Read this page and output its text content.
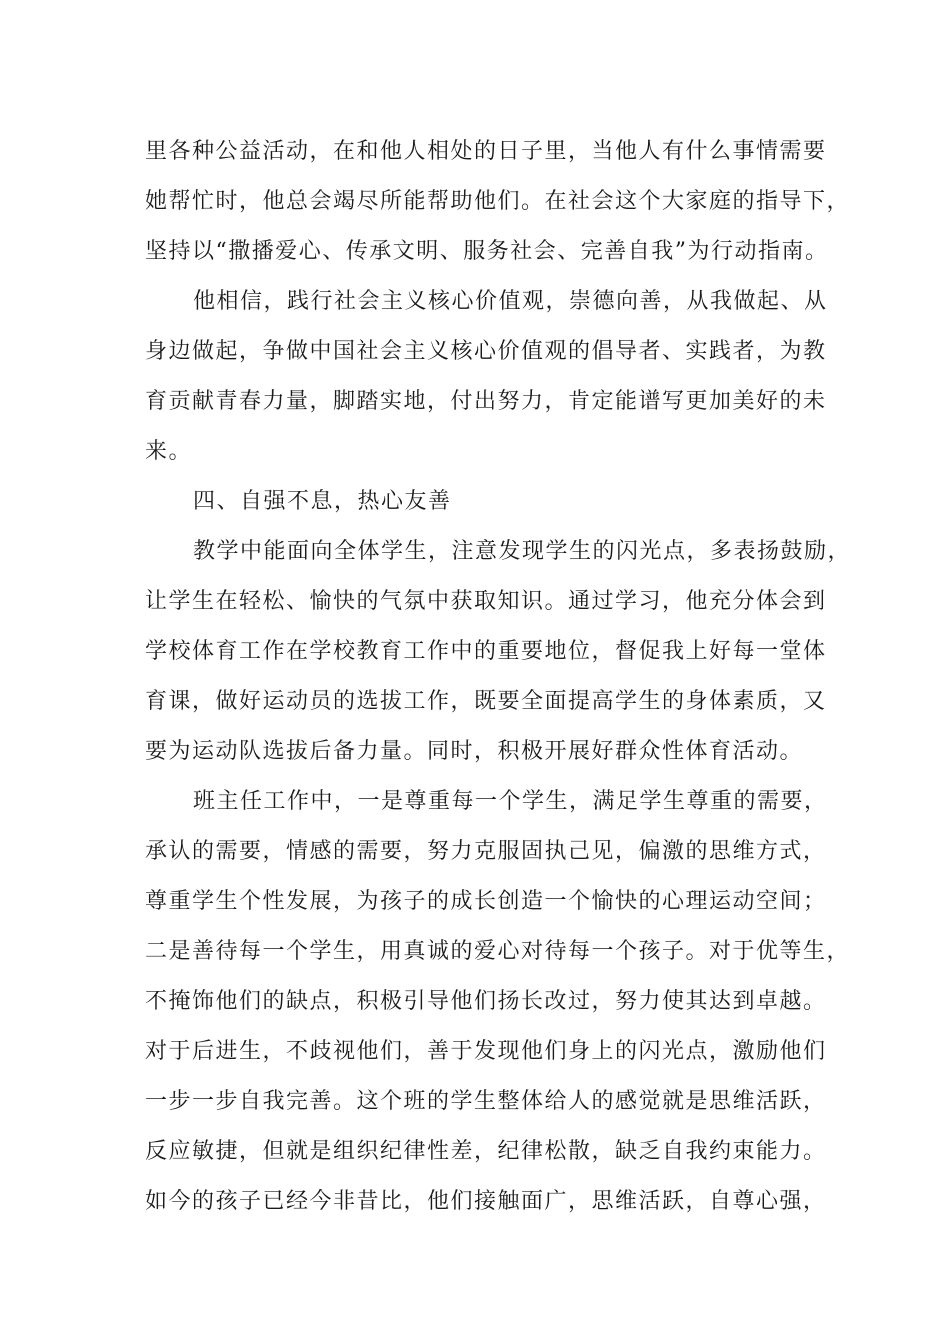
里各种公益活动，在和他人相处的日子里，当他人有什么事情需要
她帮忙时，他总会竭尽所能帮助他们。在社会这个大家庭的指导下，
坚持以“撒播爱心、传承文明、服务社会、完善自我”为行动指南。
他相信，践行社会主义核心价值观，崇德向善，从我做起、从
身边做起，争做中国社会主义核心价值观的倡导者、实践者，为教
育贡献青春力量，脚踏实地，付出努力，肯定能谱写更加美好的未
来。
四、自强不息，热心友善
教学中能面向全体学生，注意发现学生的闪光点，多表扬鼓励，
让学生在轻松、愉快的气氛中获取知识。通过学习，他充分体会到
学校体育工作在学校教育工作中的重要地位，督促我上好每一堂体
育课，做好运动员的选拔工作，既要全面提高学生的身体素质，又
要为运动队选拔后备力量。同时，积极开展好群众性体育活动。
班主任工作中，一是尊重每一个学生，满足学生尊重的需要，
承认的需要，情感的需要，努力克服固执己见，偏激的思维方式，
尊重学生个性发展，为孩子的成长创造一个愉快的心理运动空间；
二是善待每一个学生，用真诚的爱心对待每一个孩子。对于优等生，
不掩饰他们的缺点，积极引导他们扬长改过，努力使其达到卓越。
对于后进生，不歧视他们，善于发现他们身上的闪光点，激励他们
一步一步自我完善。这个班的学生整体给人的感觉就是思维活跃，
反应敏捷，但就是组织纪律性差，纪律松散，缺乏自我约束能力。
如今的孩子已经今非昔比，他们接触面广，思维活跃，自尊心强，
